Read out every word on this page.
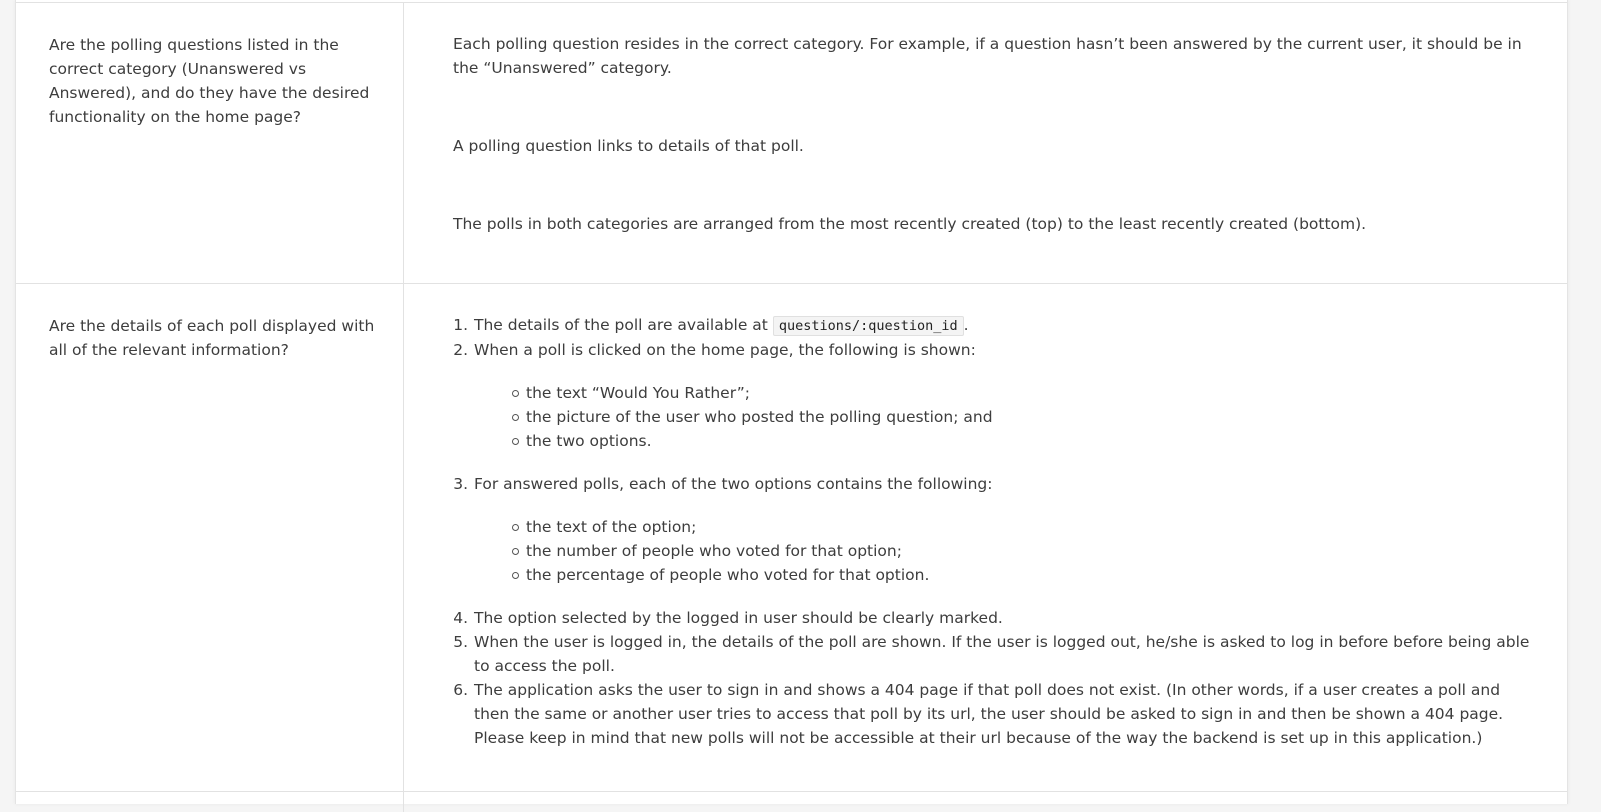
Are the polling questions listed in the correct category (Unanswered vs Answered), and do they have the desired functionality on the home page?

Each polling question resides in the correct category. For example, if a question hasn’t been answered by the current user, it should be in the “Unanswered” category.

A polling question links to details of that poll.

The polls in both categories are arranged from the most recently created (top) to the least recently created (bottom).

Are the details of each poll displayed with all of the relevant information?

1. The details of the poll are available at questions/:question_id .
2. When a poll is clicked on the home page, the following is shown:
the text “Would You Rather”;
the picture of the user who posted the polling question; and
the two options.
3. For answered polls, each of the two options contains the following:
the text of the option;
the number of people who voted for that option;
the percentage of people who voted for that option.
4. The option selected by the logged in user should be clearly marked.
5. When the user is logged in, the details of the poll are shown. If the user is logged out, he/she is asked to log in before before being able to access the poll.
6. The application asks the user to sign in and shows a 404 page if that poll does not exist. (In other words, if a user creates a poll and then the same or another user tries to access that poll by its url, the user should be asked to sign in and then be shown a 404 page. Please keep in mind that new polls will not be accessible at their url because of the way the backend is set up in this application.)
